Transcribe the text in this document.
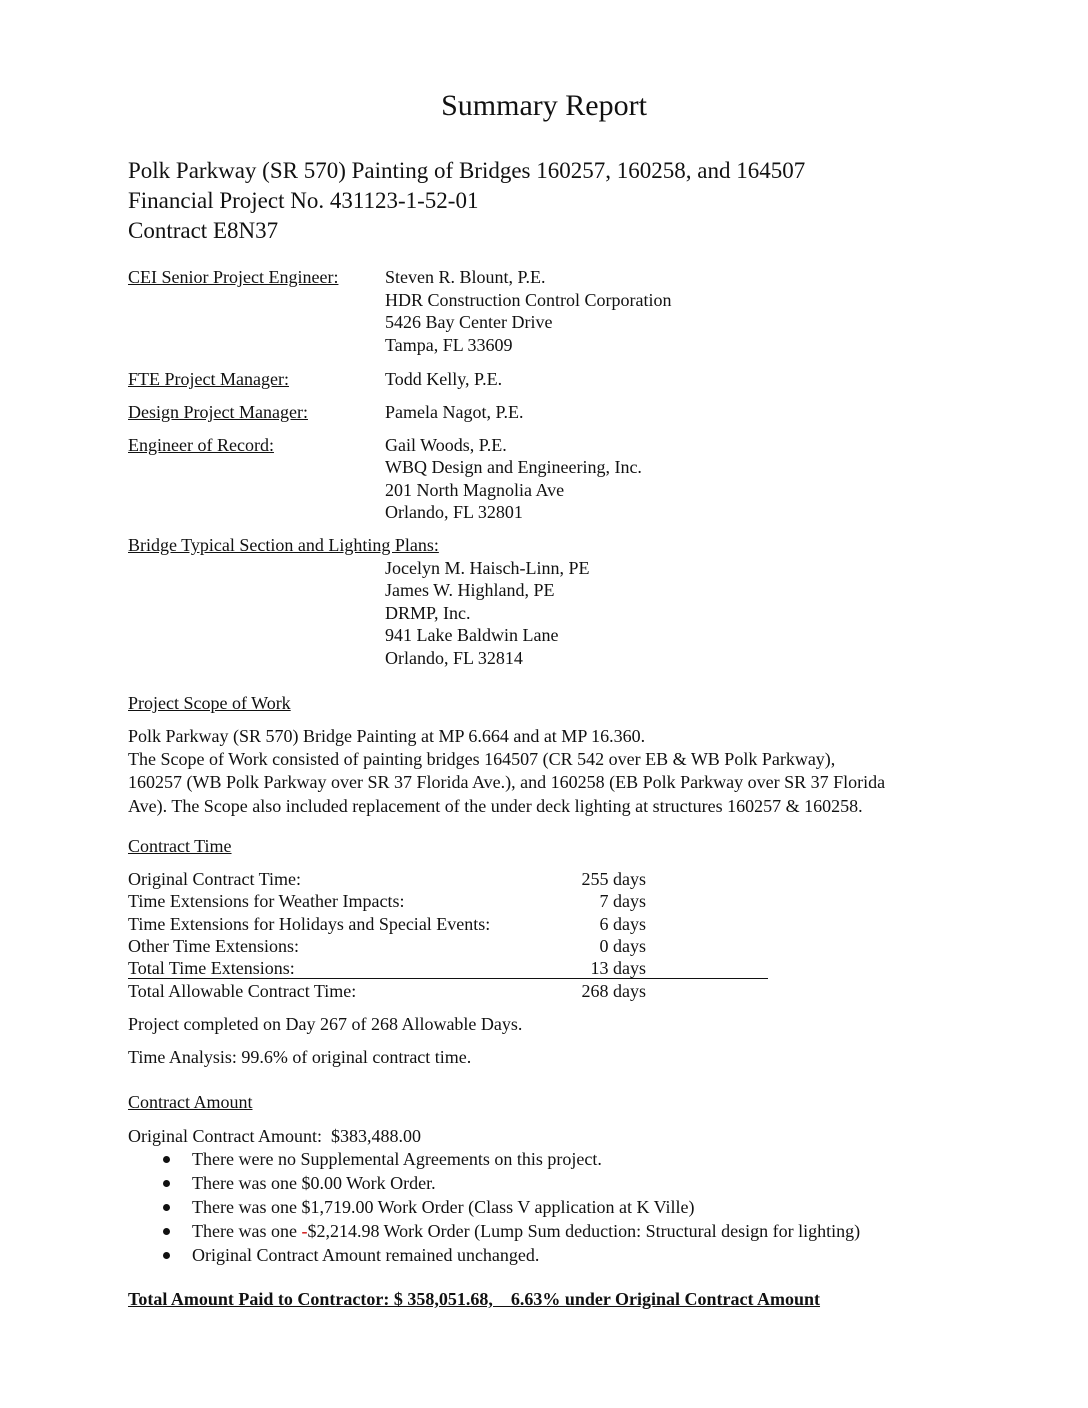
Summary Report
Polk Parkway (SR 570) Painting of Bridges 160257, 160258, and 164507
Financial Project No. 431123-1-52-01
Contract E8N37
CEI Senior Project Engineer:	Steven R. Blount, P.E.
HDR Construction Control Corporation
5426 Bay Center Drive
Tampa, FL 33609
FTE Project Manager:	Todd Kelly, P.E.
Design Project Manager:	Pamela Nagot, P.E.
Engineer of Record:	Gail Woods, P.E.
WBQ Design and Engineering, Inc.
201 North Magnolia Ave
Orlando, FL 32801
Bridge Typical Section and Lighting Plans:
Jocelyn M. Haisch-Linn, PE
James W. Highland, PE
DRMP, Inc.
941 Lake Baldwin Lane
Orlando, FL 32814
Project Scope of Work
Polk Parkway (SR 570) Bridge Painting at MP 6.664 and at MP 16.360.
The Scope of Work consisted of painting bridges 164507 (CR 542 over EB & WB Polk Parkway),
160257 (WB Polk Parkway over SR 37 Florida Ave.), and 160258 (EB Polk Parkway over SR 37 Florida
Ave). The Scope also included replacement of the under deck lighting at structures 160257 & 160258.
Contract Time
Original Contract Time:	255 days
Time Extensions for Weather Impacts:	7 days
Time Extensions for Holidays and Special Events:	6 days
Other Time Extensions:	0 days
Total Time Extensions:	13 days
Total Allowable Contract Time:	268 days
Project completed on Day 267 of 268 Allowable Days.
Time Analysis: 99.6% of original contract time.
Contract Amount
Original Contract Amount:  $383,488.00
There were no Supplemental Agreements on this project.
There was one $0.00 Work Order.
There was one $1,719.00 Work Order (Class V application at K Ville)
There was one -$2,214.98 Work Order (Lump Sum deduction: Structural design for lighting)
Original Contract Amount remained unchanged.
Total Amount Paid to Contractor: $ 358,051.68,    6.63% under Original Contract Amount
